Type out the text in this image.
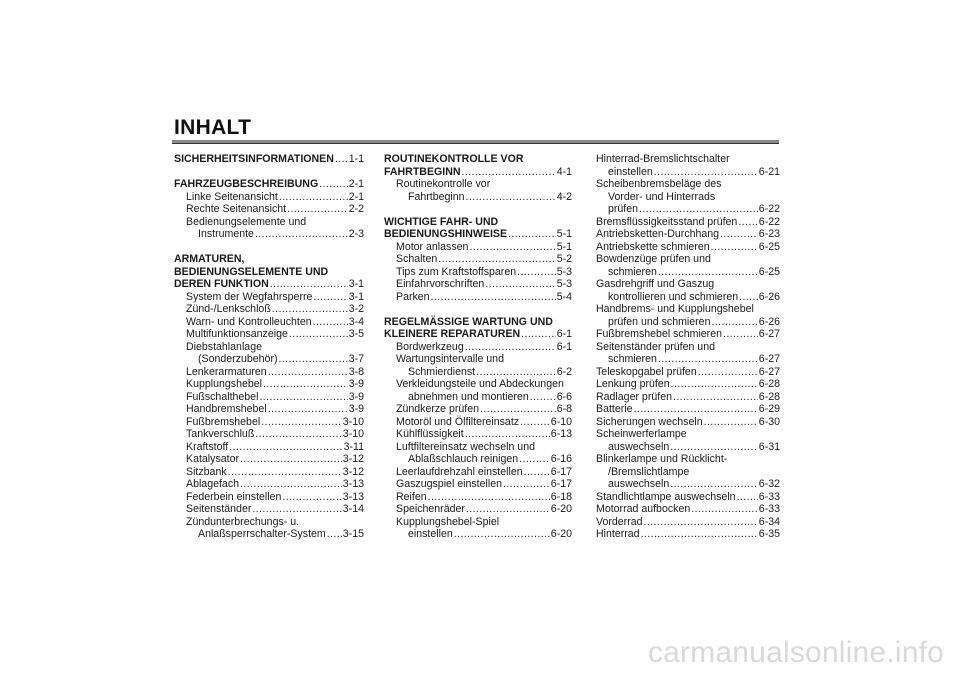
INHALT
SICHERHEITSINFORMATIONEN ..... 1-1
FAHRZEUGBESCHREIBUNG .....	2-1
Linke Seitenansicht .....	2-1
Rechte Seitenansicht .....	2-2
Bedienungselemente und
Instrumente .....	2-3
ARMATUREN,
BEDIENUNGSELEMENTE UND
DEREN FUNKTION .....	3-1
System der Wegfahrsperre .....	3-1
Zünd-/Lenkschloß .....	3-2
Warn- und Kontrolleuchten .....	3-4
Multifunktionsanzeige .....	3-5
Diebstahlanlage
(Sonderzubehör) .....	3-7
Lenkerarmaturen .....	3-8
Kupplungshebel .....	3-9
Fußschalthebel .....	3-9
Handbremshebel .....	3-9
Fußbremshebel .....	3-10
Tankverschluß .....	3-10
Kraftstoff .....	3-11
Katalysator .....	3-12
Sitzbank .....	3-12
Ablagefach .....	3-13
Federbein einstellen .....	3-13
Seitenständer .....	3-14
Zündunterbrechungs- u.
Anlaßsperrschalter-System ..... 3-15
ROUTINEKONTROLLE VOR
FAHRTBEGINN .....	4-1
Routinekontrolle vor
Fahrtbeginn .....	4-2
WICHTIGE FAHR- UND
BEDIENUNGSHINWEISE .....	5-1
Motor anlassen .....	5-1
Schalten .....	5-2
Tips zum Kraftstoffsparen .....	5-3
Einfahrvorschriften .....	5-3
Parken .....	5-4
REGELMÄSSIGE WARTUNG UND
KLEINERE REPARATUREN .....	6-1
Bordwerkzeug .....	6-1
Wartungsintervalle und
Schmierdienst .....	6-2
Verkleidungsteile und Abdeckungen
abnehmen und montieren .....	6-6
Zündkerze prüfen .....	6-8
Motoröl und Ölfiltereinsatz .....	6-10
Kühlflüssigkeit .....	6-13
Luftfiltereinsatz wechseln und
Ablaßschlauch reinigen .....	6-16
Leerlaufdrehzahl einstellen .....	6-17
Gaszugspiel einstellen .....	6-17
Reifen .....	6-18
Speichenräder .....	6-20
Kupplungshebel-Spiel
einstellen .....	6-20
Hinterrad-Bremslichtschalter
einstellen .....	6-21
Scheibenbremsbeläge des
Vorder- und Hinterrads
prüfen .....	6-22
Bremsflüssigkeitsstand prüfen ..... 6-22
Antriebsketten-Durchhang .....	6-23
Antriebskette schmieren .....	6-25
Bowdenzüge prüfen und
schmieren .....	6-25
Gasdrehgriff und Gaszug
kontrollieren und schmieren ..... 6-26
Handbrems- und Kupplungshebel
prüfen und schmieren .....	6-26
Fußbremshebel schmieren .....	6-27
Seitenständer prüfen und
schmieren .....	6-27
Teleskopgabel prüfen .....	6-27
Lenkung prüfen .....	6-28
Radlager prüfen .....	6-28
Batterie .....	6-29
Sicherungen wechseln .....	6-30
Scheinwerferlampe
auswechseln .....	6-31
Blinkerlampe und Rücklicht-
/Bremslichtlampe
auswechseln .....	6-32
Standlichtlampe auswechseln ..... 6-33
Motorrad aufbocken .....	6-33
Vorderrad .....	6-34
Hinterrad .....	6-35
carmanualsonline.info
